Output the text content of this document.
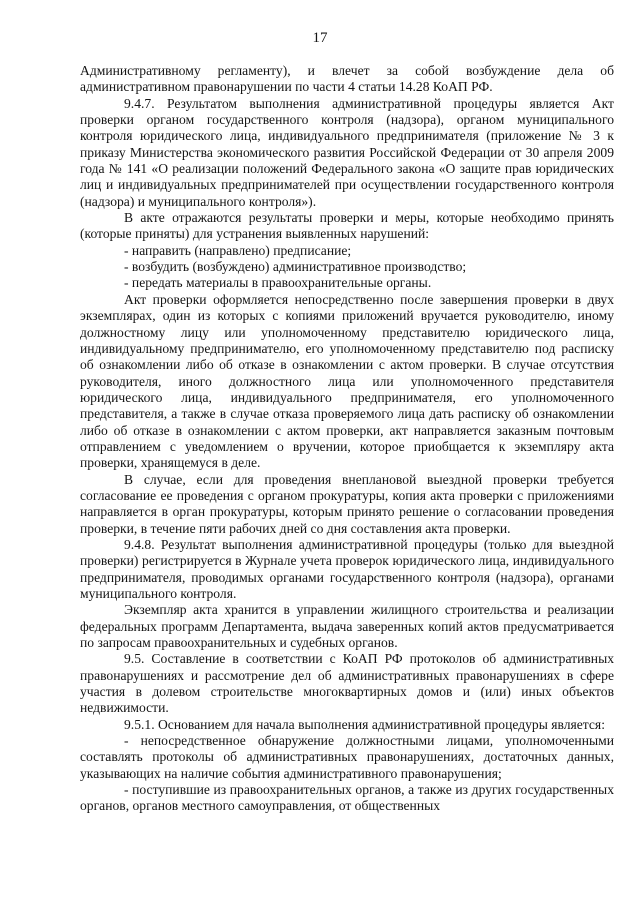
17

Административному регламенту), и влечет за собой возбуждение дела об административном правонарушении по части 4 статьи 14.28 КоАП РФ.

9.4.7. Результатом выполнения административной процедуры является Акт проверки органом государственного контроля (надзора), органом муниципального контроля юридического лица, индивидуального предпринимателя (приложение № 3 к приказу Министерства экономического развития Российской Федерации от 30 апреля 2009 года № 141 «О реализации положений Федерального закона «О защите прав юридических лиц и индивидуальных предпринимателей при осуществлении государственного контроля (надзора) и муниципального контроля»).

В акте отражаются результаты проверки и меры, которые необходимо принять (которые приняты) для устранения выявленных нарушений:

- направить (направлено) предписание;

- возбудить (возбуждено) административное производство;

- передать материалы в правоохранительные органы.

Акт проверки оформляется непосредственно после завершения проверки в двух экземплярах, один из которых с копиями приложений вручается руководителю, иному должностному лицу или уполномоченному представителю юридического лица, индивидуальному предпринимателю, его уполномоченному представителю под расписку об ознакомлении либо об отказе в ознакомлении с актом проверки. В случае отсутствия руководителя, иного должностного лица или уполномоченного представителя юридического лица, индивидуального предпринимателя, его уполномоченного представителя, а также в случае отказа проверяемого лица дать расписку об ознакомлении либо об отказе в ознакомлении с актом проверки, акт направляется заказным почтовым отправлением с уведомлением о вручении, которое приобщается к экземпляру акта проверки, хранящемуся в деле.

В случае, если для проведения внеплановой выездной проверки требуется согласование ее проведения с органом прокуратуры, копия акта проверки с приложениями направляется в орган прокуратуры, которым принято решение о согласовании проведения проверки, в течение пяти рабочих дней со дня составления акта проверки.

9.4.8. Результат выполнения административной процедуры (только для выездной проверки) регистрируется в Журнале учета проверок юридического лица, индивидуального предпринимателя, проводимых органами государственного контроля (надзора), органами муниципального контроля.

Экземпляр акта хранится в управлении жилищного строительства и реализации федеральных программ Департамента, выдача заверенных копий актов предусматривается по запросам правоохранительных и судебных органов.

9.5. Составление в соответствии с КоАП РФ протоколов об административных правонарушениях и рассмотрение дел об административных правонарушениях в сфере участия в долевом строительстве многоквартирных домов и (или) иных объектов недвижимости.

9.5.1. Основанием для начала выполнения административной процедуры является:

- непосредственное обнаружение должностными лицами, уполномоченными составлять протоколы об административных правонарушениях, достаточных данных, указывающих на наличие события административного правонарушения;

- поступившие из правоохранительных органов, а также из других государственных органов, органов местного самоуправления, от общественных
